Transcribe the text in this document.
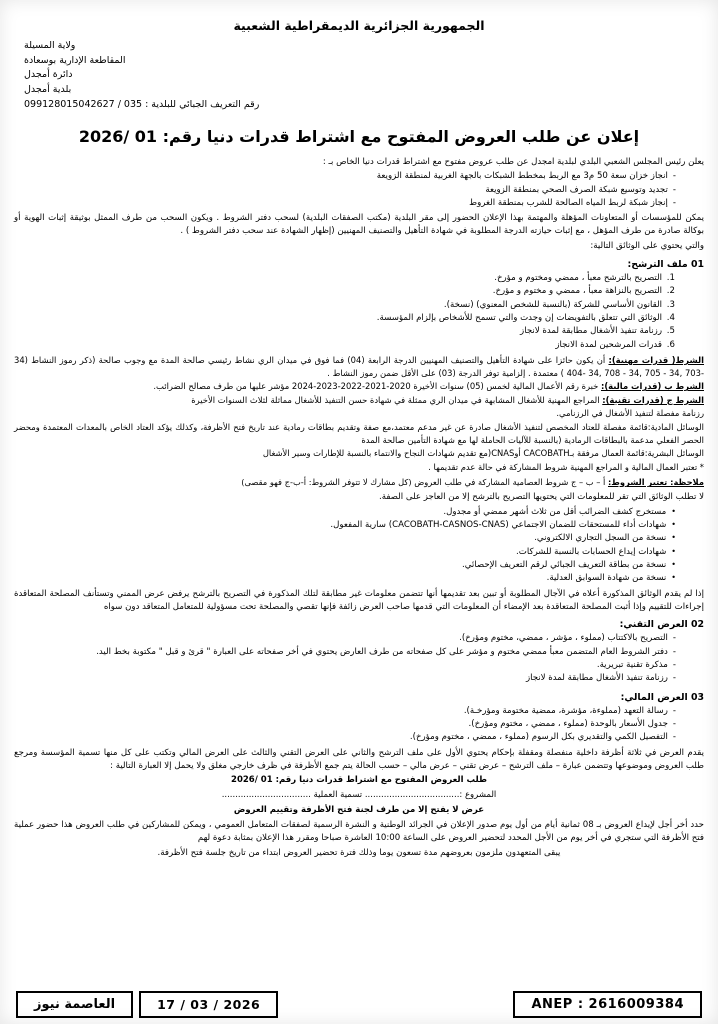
الجمهورية الجزائرية الديمقراطية الشعبية
ولاية المسيلة
المقاطعة الإدارية بوسعادة
دائرة أمجدل
بلدية أمجدل
رقم التعريف الجبائي للبلدية : 035 / 099128015042627
إعلان عن طلب العروض المفتوح مع اشتراط قدرات دنيا رقم: 01 /2026
يعلن رئيس المجلس الشعبي البلدي لبلدية امجدل عن طلب عروض مفتوح مع اشتراط قدرات دنيا الخاص بـ :
- انجاز خزان سعة 50 م3 مع الربط بمخطط الشبكات بالجهة الغربية لمنطقة الزويعة
- تجديد وتوسيع شبكة الصرف الصحي بمنطقة الزويعة
- إنجاز شبكة لربط المياه الصالحة للشرب بمنطقة الغروط
يمكن للمؤسسات أو المتعاونات المؤهلة والمهتمة بهذا الإعلان الحضور إلى مقر البلدية (مكتب الصفقات البلدية) لسحب دفتر الشروط . ويكون السحب من طرف الممثل بوثيقة إثبات الهوية أو بوكالة صادرة من طرف المؤهل ، مع إثبات حيازته الدرجة المطلوبة في شهادة التأهيل والتصنيف المهنيين (إظهار الشهادة عند سحب دفتر الشروط ) .
والتي يحتوي على الوثائق التالية:
01 ملف الترشح:
1. التصريح بالترشح معبأ ، ممضي ومختوم و مؤرخ.
2. التصريح بالنزاهة معبأ ، ممضي و مختوم و مؤرخ.
3. القانون الأساسي للشركة (بالنسبة للشخص المعنوي) (نسخة).
4. الوثائق التي تتعلق بالتفويضات إن وجدت والتي تسمح للأشخاص بإلزام المؤسسة.
5. رزنامة تنفيذ الأشغال مطابقة لمدة لانجاز
6. قدرات المرشحين لمدة الانجاز
الشرط( قدرات مهنية): أن يكون حائزا على شهادة التأهيل والتصنيف المهنيين الدرجة الرابعة (04) فما فوق في ميدان الري نشاط رئيسي صالحة المدة مع وجوب صالحة (ذكر رموز النشاط (34 -703 ,34 - 705 ,34 - 708 ,34 -404 ) معتمدة . إلزامية توفر الدرجة (03) على الأقل ضمن رموز النشاط .
الشرط ب (قدرات مالية): خبرة رقم الأعمال المالية لخمس (05) سنوات الأخيرة 2020-2021-2022-2023-2024 مؤشر عليها من طرف مصالح الضرائب.
الشرط ج (قدرات تقنية): المراجع المهنية للأشغال المشابهة في ميدان الري ممثلة في شهادة حسن التنفيذ للأشغال مماثلة لثلاث السنوات الأخيرة
رزنامة مفصلة لتنفيذ الأشغال في الرزنامي.
الوسائل المادية:قائمة مفصلة للعتاد المخصص لتنفيذ الأشغال صادرة عن غير مدعم معتمد،مع صفة وتقديم بطاقات رمادية عند تاريخ فتح الأظرفة، وكذلك يؤكد العتاد الخاص بالمعدات المعتمدة ومحضر الحصر الفعلي مدعمة بالبطاقات الرمادية (بالنسبة للآليات الحاملة لها مع شهادة التأمين صالحة المدة
الوسائل البشرية:قائمة العمال مرفقة بـCACOBATH أوCNAS(مع تقديم شهادات النجاح والانتماء بالنسبة للإطارات وسير الأشغال
* تعتبر العمال المالية و المراجع المهنية شروط المشاركة في حالة عدم تقديمها .
ملاحظة: تعتبر الشروط: أ – ب – ج شروط العصامية المشاركة في طلب العروض (كل مشارك لا تتوفر الشروط: أ-ب-ج فهو مقصى)
لا تطلب الوثائق التي تقر للمعلومات التي يحتويها التصريح بالترشح إلا من العاجز على الصفة.
• مستخرج كشف الضرائب أقل من ثلاث أشهر ممضي أو مجدول.
• شهادات أداء للمستحقات للضمان الاجتماعي (CACOBATH-CASNOS-CNAS) سارية المفعول.
• نسخة من السجل التجاري الالكتروني.
• شهادات إيداع الحسابات بالنسبة للشركات.
• نسخة من بطاقة التعريف الجبائي لرقم التعريف الإحصائي.
• نسخة من شهادة السوابق العدلية.
إذا لم يقدم الوثائق المذكورة أعلاه في الآجال المطلوبة أو تبين بعد تقديمها أنها تتضمن معلومات غير مطابقة لتلك المذكورة في التصريح بالترشح يرفض عرض الممني وتستأنف المصلحة المتعاقدة إجراءات للتقييم وإذا أثبت المصلحة المتعاقدة بعد الإمضاء أن المعلومات التي قدمها صاحب العرض زائفة فإنها تقصي والمصلحة تحت مسؤولية للمتعامل المتعاقد دون سواه
02 العرض التقني:
- التصريح بالاكتتاب (مملوء ، مؤشر ، ممضي، مختوم ومؤرخ).
- دفتر الشروط العام المتضمن معبأ ممضي مختوم و مؤشر على كل صفحاته من طرف العارض يحتوي في أخر صفحاته على العبارة " قرئ و قبل " مكتوبة بخط اليد.
- مذكرة تقنية تبريرية.
- رزنامة تنفيذ الأشغال مطابقة لمدة لانجاز
03 العرض المالي:
- رسالة التعهد (مملوءة، مؤشرة، ممضية مختومة ومؤرخـة).
- جدول الأسعار بالوحدة (مملوء ، ممضي ، مختوم ومؤرخ).
- التفصيل الكمي والتقديري بكل الرسوم (مملوء ، ممضي ، مختوم ومؤرخ).
يقدم العرض في ثلاثة أظرفة داخلية منفصلة ومقفلة بإحكام يحتوي الأول على ملف الترشح والثاني على العرض التقني والثالث على العرض المالي وتكتب على كل منها تسمية المؤسسة ومرجع طلب العروض وموضوعها وتتضمن عبارة – ملف الترشح – عرض تقني – عرض مالي – حسب الحالة يتم جمع الأظرفة في ظرف خارجي مغلق ولا يحمل إلا العبارة التالية :
طلب العروض المفتوح مع اشتراط قدرات دنيا رقم: 01 /2026
المشروع :................................... تسمية العملية .................................
عرض لا يفتح إلا من طرف لجنة فتح الأظرفة وتقييم العروض
حدد أخر أجل لإيداع العروض بـ 08 ثمانية أيام من أول يوم صدور الإعلان في الجرائد الوطنية و النشرة الرسمية لصفقات المتعامل العمومي ، ويمكن للمشاركين في طلب العروض هذا حضور عملية فتح الأظرفة التي ستجري في أخر يوم من الأجل المحدد لتحضير العروض على الساعة 10:00 العاشرة صباحا ومقرر هذا الإعلان بمثابة دعوة لهم
يبقى المتعهدون ملزمون بعروضهم مدة تسعون يوما وذلك فترة تحضير العروض ابتداء من تاريخ جلسة فتح الأظرفة.
ANEP : 2616009384
2026 / 03 / 17
العاصمة نيوز
